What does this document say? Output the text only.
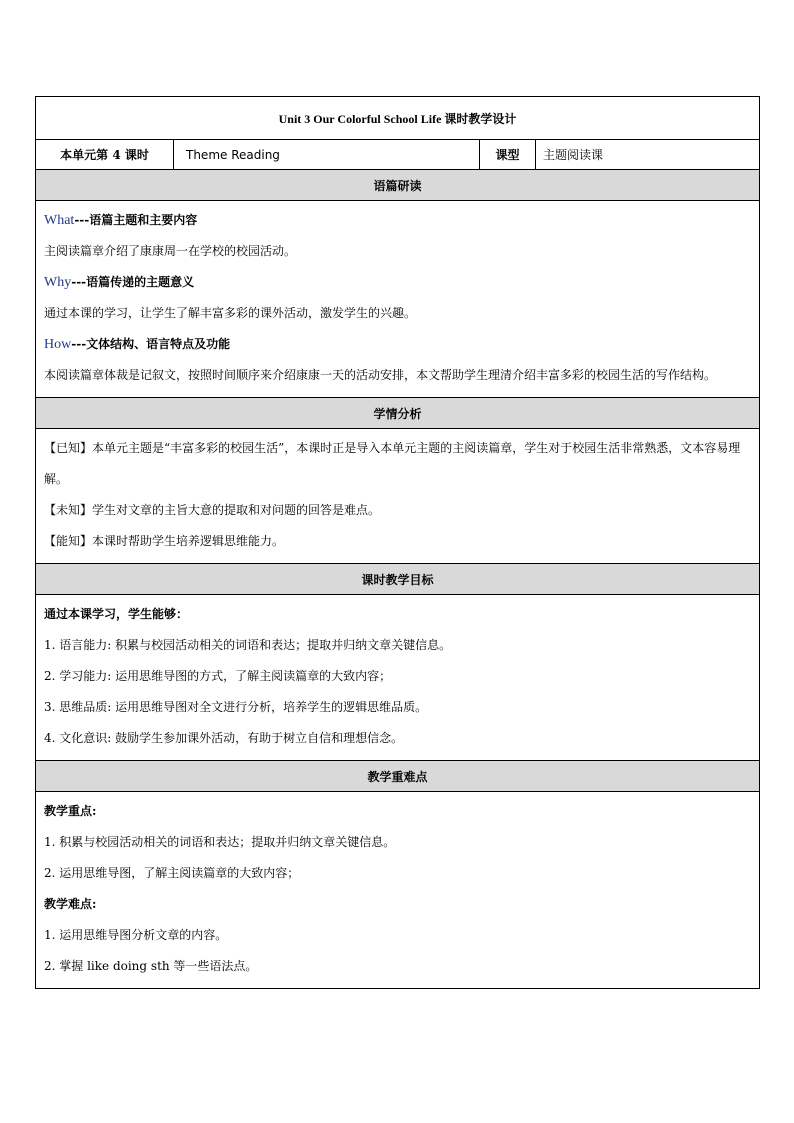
Unit 3 Our Colorful School Life 课时教学设计
本单元第 4 课时	Theme Reading	课型	主题阅读课
语篇研读

What---语篇主题和主要内容
主阅读篇章介绍了康康周一在学校的校园活动。
Why---语篇传递的主题意义
通过本课的学习，让学生了解丰富多彩的课外活动，激发学生的兴趣。
How---文体结构、语言特点及功能
本阅读篇章体裁是记叙文，按照时间顺序来介绍康康一天的活动安排，本文帮助学生理清介绍丰富多彩的校园生活的写作结构。

学情分析

【已知】本单元主题是“丰富多彩的校园生活”，本课时正是导入本单元主题的主阅读篇章，学生对于校园生活非常熟悉，文本容易理解。
【未知】学生对文章的主旨大意的提取和对问题的回答是难点。
【能知】本课时帮助学生培养逻辑思维能力。

课时教学目标

通过本课学习，学生能够：
1. 语言能力: 积累与校园活动相关的词语和表达；提取并归纳文章关键信息。
2. 学习能力: 运用思维导图的方式，了解主阅读篇章的大致内容；
3. 思维品质: 运用思维导图对全文进行分析，培养学生的逻辑思维品质。
4. 文化意识: 鼓励学生参加课外活动，有助于树立自信和理想信念。

教学重难点

教学重点:
1. 积累与校园活动相关的词语和表达；提取并归纳文章关键信息。
2. 运用思维导图，了解主阅读篇章的大致内容；
教学难点:
1. 运用思维导图分析文章的内容。
2. 掌握 like doing sth 等一些语法点。
